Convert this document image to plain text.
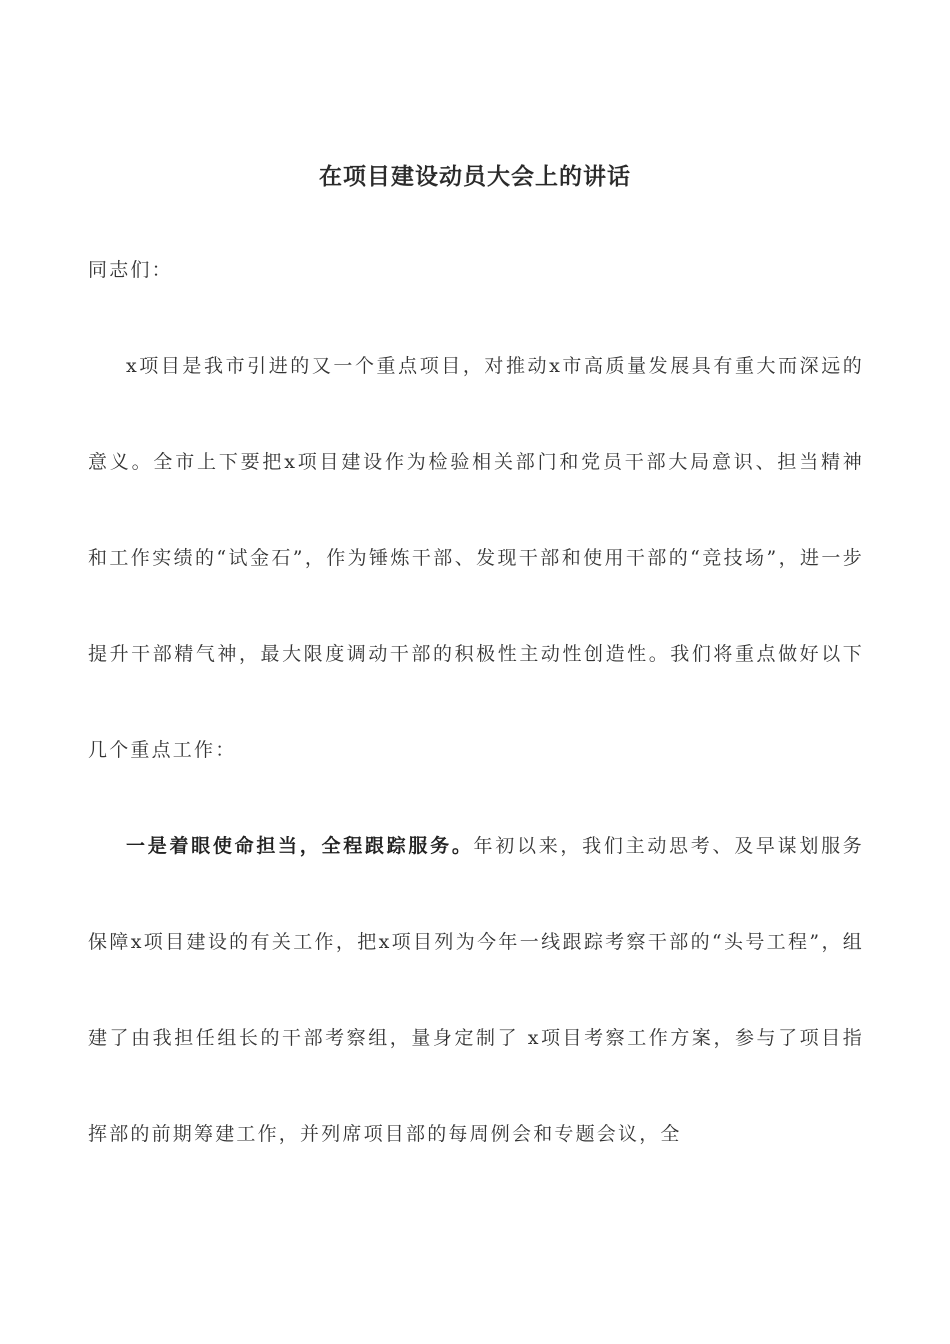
在项目建设动员大会上的讲话
同志们：
x项目是我市引进的又一个重点项目，对推动x市高质量发展具有重大而深远的意义。全市上下要把x项目建设作为检验相关部门和党员干部大局意识、担当精神和工作实绩的“试金石”，作为锤炼干部、发现干部和使用干部的“竞技场”，进一步提升干部精气神，最大限度调动干部的积极性主动性创造性。我们将重点做好以下几个重点工作：
一是着眼使命担当，全程跟踪服务。年初以来，我们主动思考、及早谋划服务保障x项目建设的有关工作，把x项目列为今年一线跟踪考察干部的“头号工程”，组建了由我担任组长的干部考察组，量身定制了 x项目考察工作方案，参与了项目指挥部的前期筹建工作，并列席项目部的每周例会和专题会议，全
